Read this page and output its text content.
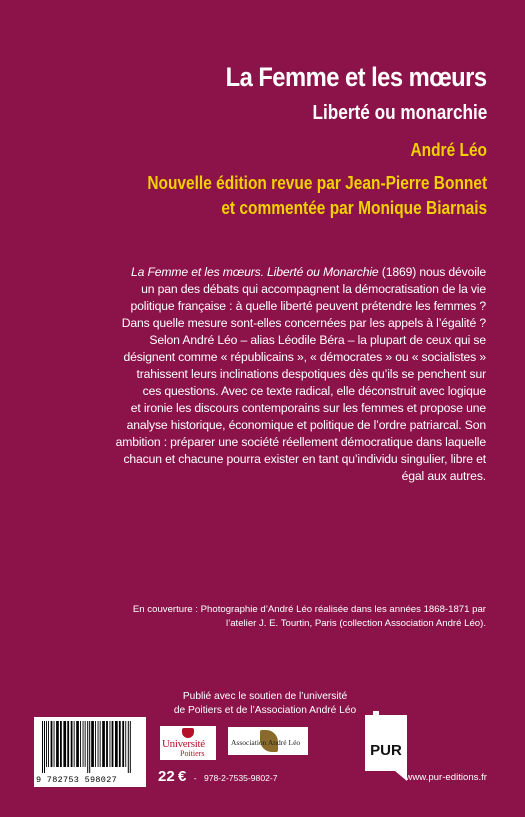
La Femme et les mœurs
Liberté ou monarchie
André Léo
Nouvelle édition revue par Jean-Pierre Bonnet
et commentée par Monique Biarnais
La Femme et les mœurs. Liberté ou Monarchie (1869) nous dévoile
un pan des débats qui accompagnent la démocratisation de la vie
politique française : à quelle liberté peuvent prétendre les femmes ?
Dans quelle mesure sont-elles concernées par les appels à l’égalité ?
Selon André Léo – alias Léodile Béra – la plupart de ceux qui se
désignent comme « républicains », « démocrates » ou « socialistes »
trahissent leurs inclinations despotiques dès qu’ils se penchent sur
ces questions. Avec ce texte radical, elle déconstruit avec logique
et ironie les discours contemporains sur les femmes et propose une
analyse historique, économique et politique de l’ordre patriarcal. Son
ambition : préparer une société réellement démocratique dans laquelle
chacun et chacune pourra exister en tant qu’individu singulier, libre et
égal aux autres.
En couverture : Photographie d’André Léo réalisée dans les années 1868-1871 par
l’atelier J. E. Tourtin, Paris (collection Association André Léo).
Publié avec le soutien de l’université
de Poitiers et de l’Association André Léo
9 782753 598027
Université
Poitiers
Association André Léo	PUR
22 € - 978-2-7535-9802-7	www.pur-editions.fr
